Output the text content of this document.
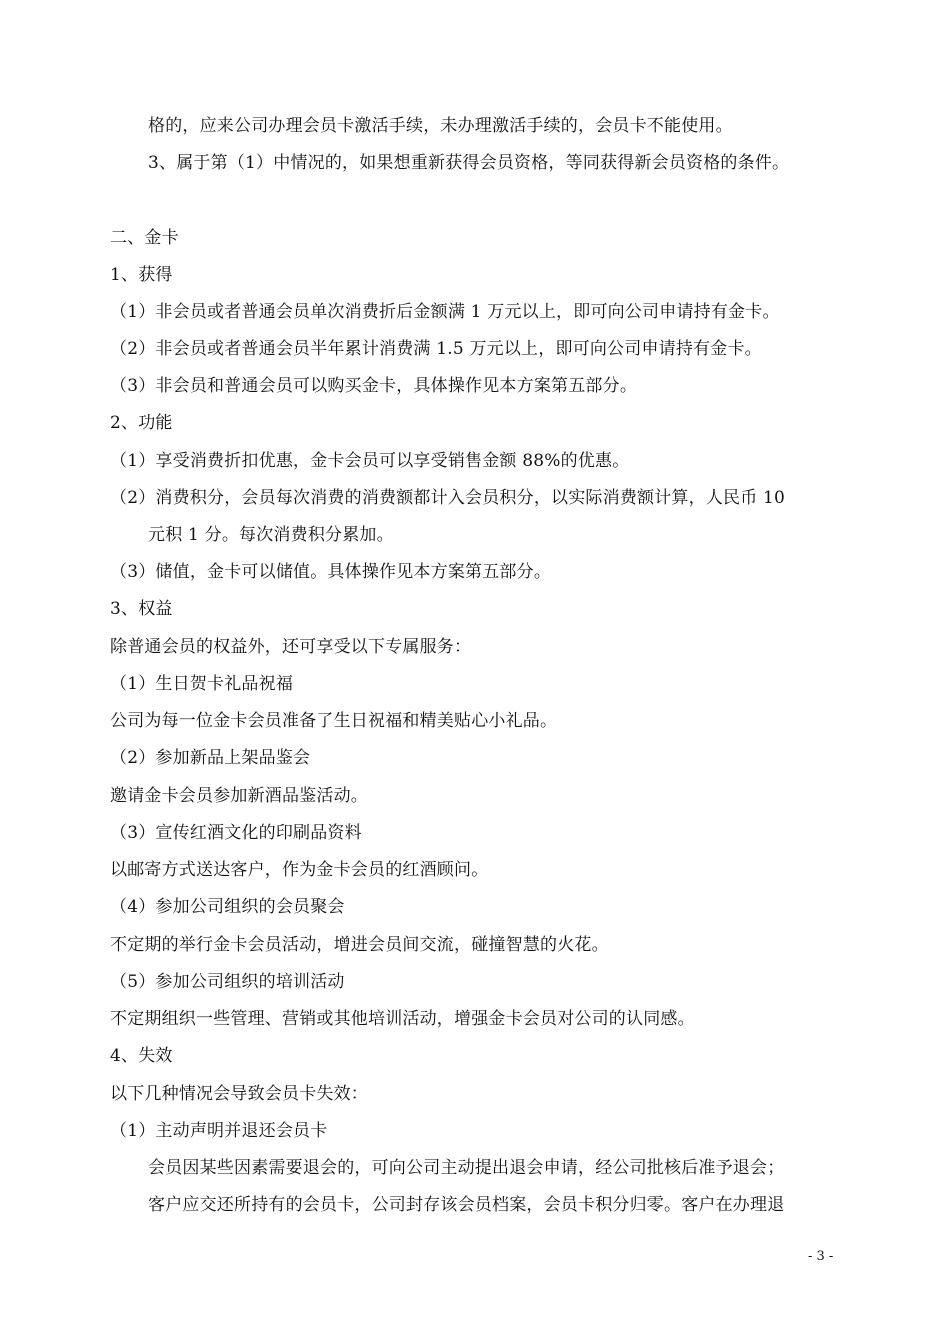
格的，应来公司办理会员卡激活手续，未办理激活手续的，会员卡不能使用。
3、属于第（1）中情况的，如果想重新获得会员资格，等同获得新会员资格的条件。
二、金卡
1、获得
（1）非会员或者普通会员单次消费折后金额满 1 万元以上，即可向公司申请持有金卡。
（2）非会员或者普通会员半年累计消费满 1.5 万元以上，即可向公司申请持有金卡。
（3）非会员和普通会员可以购买金卡，具体操作见本方案第五部分。
2、功能
（1）享受消费折扣优惠，金卡会员可以享受销售金额 88%的优惠。
（2）消费积分，会员每次消费的消费额都计入会员积分，以实际消费额计算，人民币 10
元积 1 分。每次消费积分累加。
（3）储值，金卡可以储值。具体操作见本方案第五部分。
3、权益
除普通会员的权益外，还可享受以下专属服务：
（1）生日贺卡礼品祝福
公司为每一位金卡会员准备了生日祝福和精美贴心小礼品。
（2）参加新品上架品鉴会
邀请金卡会员参加新酒品鉴活动。
（3）宣传红酒文化的印刷品资料
以邮寄方式送达客户，作为金卡会员的红酒顾问。
（4）参加公司组织的会员聚会
不定期的举行金卡会员活动，增进会员间交流，碰撞智慧的火花。
（5）参加公司组织的培训活动
不定期组织一些管理、营销或其他培训活动，增强金卡会员对公司的认同感。
4、失效
以下几种情况会导致会员卡失效：
（1）主动声明并退还会员卡
会员因某些因素需要退会的，可向公司主动提出退会申请，经公司批核后准予退会；
客户应交还所持有的会员卡，公司封存该会员档案，会员卡积分归零。客户在办理退
- 3 -
